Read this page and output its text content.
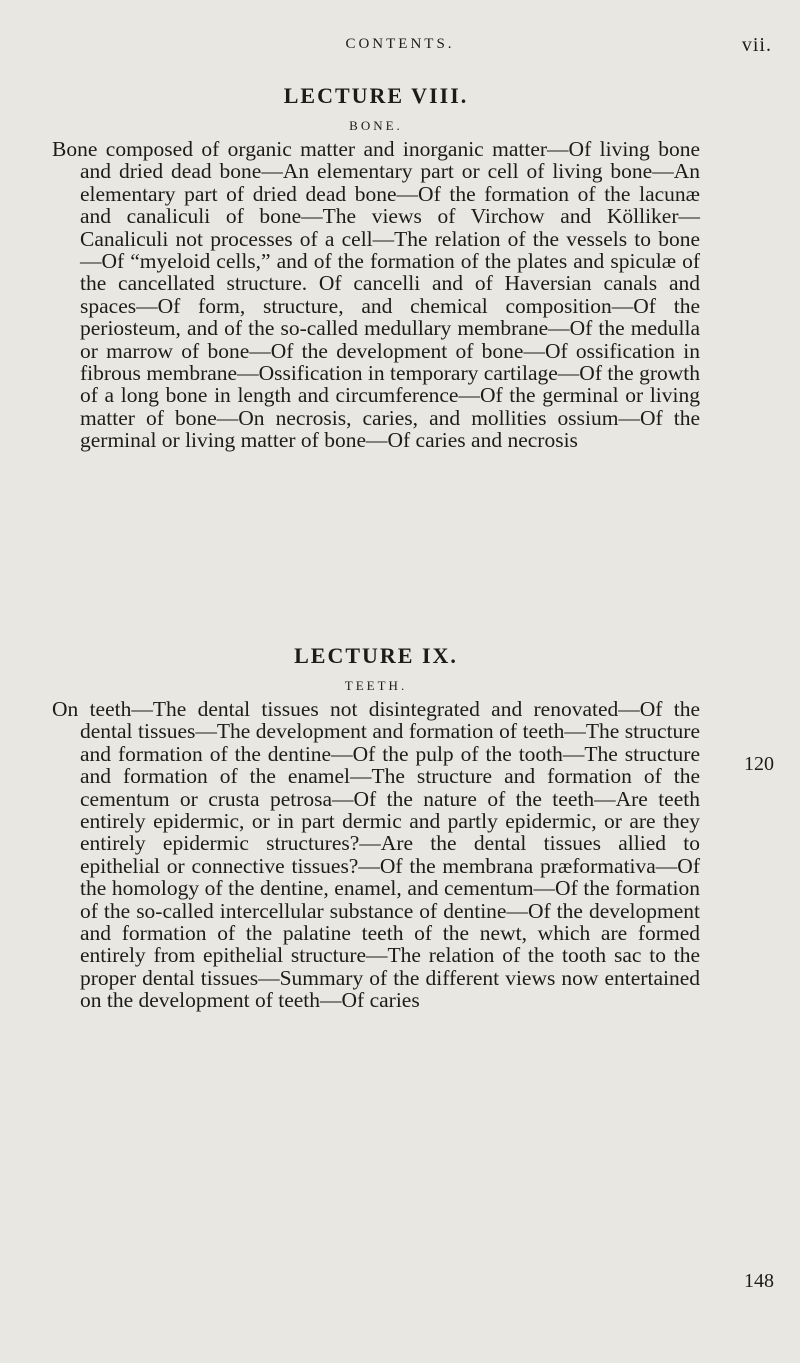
CONTENTS.	vii.
LECTURE VIII.
BONE.

Bone composed of organic matter and inorganic matter—Of living bone and dried dead bone—An elementary part or cell of living bone—An elementary part of dried dead bone—Of the formation of the lacunæ and canaliculi of bone—The views of Virchow and Kölliker—Canaliculi not processes of a cell—The relation of the vessels to bone—Of “myeloid cells,” and of the formation of the plates and spiculæ of the cancellated structure. Of cancelli and of Haversian canals and spaces—Of form, structure, and chemical composition—Of the periosteum, and of the so-called medullary membrane—Of the medulla or marrow of bone—Of the development of bone—Of ossification in fibrous membrane—Ossification in temporary cartilage—Of the growth of a long bone in length and circumference—Of the germinal or living matter of bone—On necrosis, caries, and mollities ossium—Of the germinal or living matter of bone—Of caries and necrosis

120
LECTURE IX.
TEETH.

On teeth—The dental tissues not disintegrated and renovated—Of the dental tissues—The development and formation of teeth—The structure and formation of the dentine—Of the pulp of the tooth—The structure and formation of the enamel—The structure and formation of the cementum or crusta petrosa—Of the nature of the teeth—Are teeth entirely epidermic, or in part dermic and partly epidermic, or are they entirely epidermic structures?—Are the dental tissues allied to epithelial or connective tissues?—Of the membrana præformativa—Of the homology of the dentine, enamel, and cementum—Of the formation of the so-called intercellular substance of dentine—Of the development and formation of the palatine teeth of the newt, which are formed entirely from epithelial structure—The relation of the tooth sac to the proper dental tissues—Summary of the different views now entertained on the development of teeth—Of caries

148
